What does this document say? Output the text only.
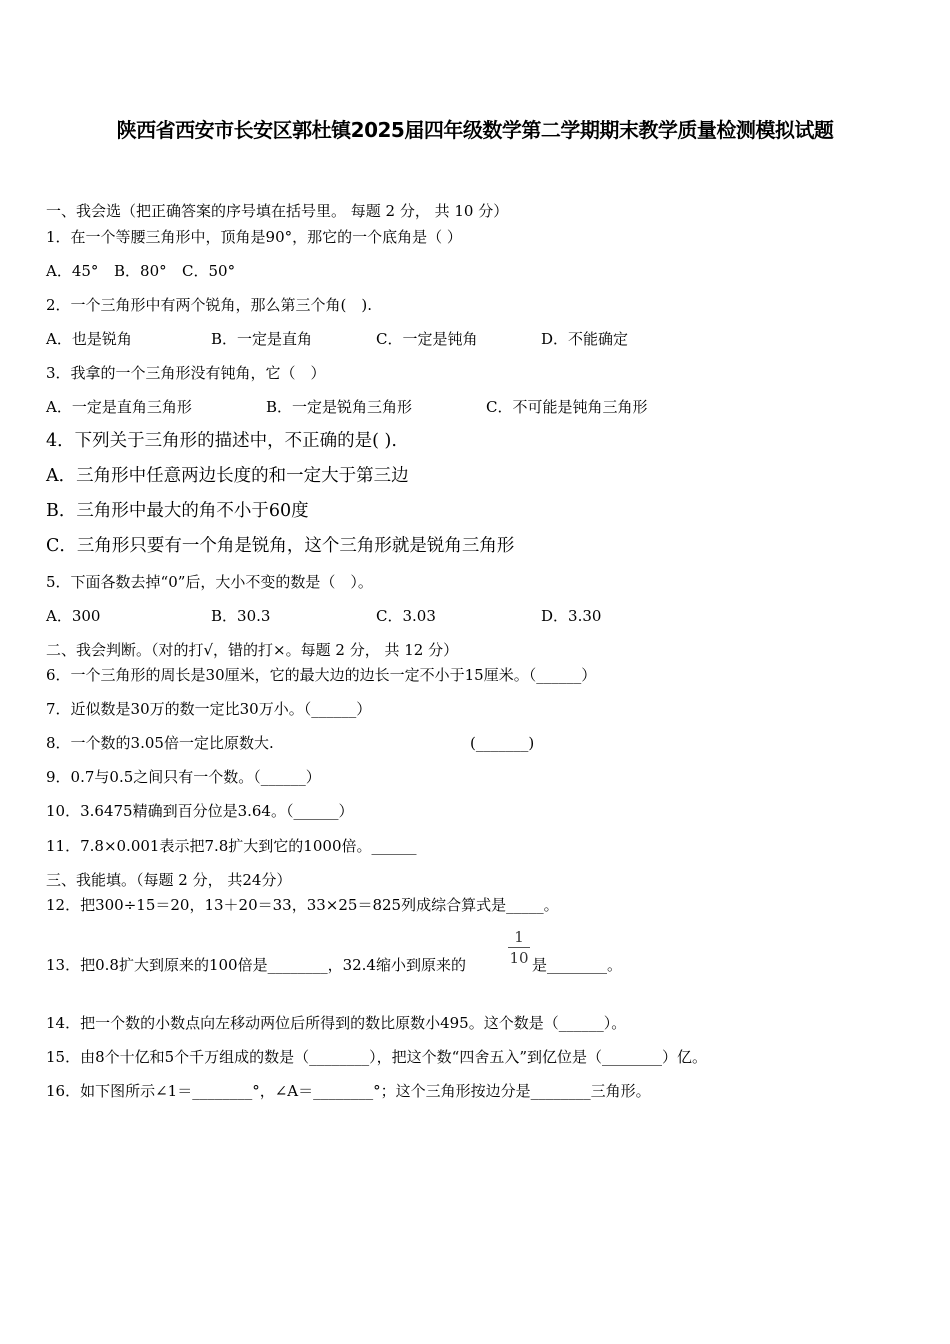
陕西省西安市长安区郭杜镇2025届四年级数学第二学期期末教学质量检测模拟试题
一、我会选（把正确答案的序号填在括号里。 每题 2 分， 共 10 分）
1．在一个等腰三角形中，顶角是90°，那它的一个底角是（ ）
A．45° B．80° C．50°
2．一个三角形中有两个锐角，那么第三个角(　).
A．也是锐角	B．一定是直角	C．一定是钝角	D．不能确定
3．我拿的一个三角形没有钝角，它（　）
A．一定是直角三角形	B．一定是锐角三角形	C．不可能是钝角三角形
4．下列关于三角形的描述中，不正确的是( ).
A．三角形中任意两边长度的和一定大于第三边
B．三角形中最大的角不小于60度
C．三角形只要有一个角是锐角，这个三角形就是锐角三角形
5．下面各数去掉“0”后，大小不变的数是（　）。
A．300	B．30.3	C．3.03	D．3.30
二、我会判断。（对的打√，错的打×。每题 2 分， 共 12 分）
6．一个三角形的周长是30厘米，它的最大边的边长一定不小于15厘米。（______）
7．近似数是30万的数一定比30万小。（______）
8．一个数的3.05倍一定比原数大.	(_______)
9．0.7与0.5之间只有一个数。（______）
10．3.6475精确到百分位是3.64。（______）
11．7.8×0.001表示把7.8扩大到它的1000倍。______
三、我能填。（每题 2 分， 共24分）
12．把300÷15＝20，13＋20＝33，33×25＝825列成综合算式是_____。
13．把0.8扩大到原来的100倍是________，32.4缩小到原来的
1
10 是________。
14．把一个数的小数点向左移动两位后所得到的数比原数小495。这个数是（______）。
15．由8个十亿和5个千万组成的数是（________），把这个数“四舍五入”到亿位是（________）亿。
16．如下图所示∠1＝________°，∠A＝________°；这个三角形按边分是________三角形。
